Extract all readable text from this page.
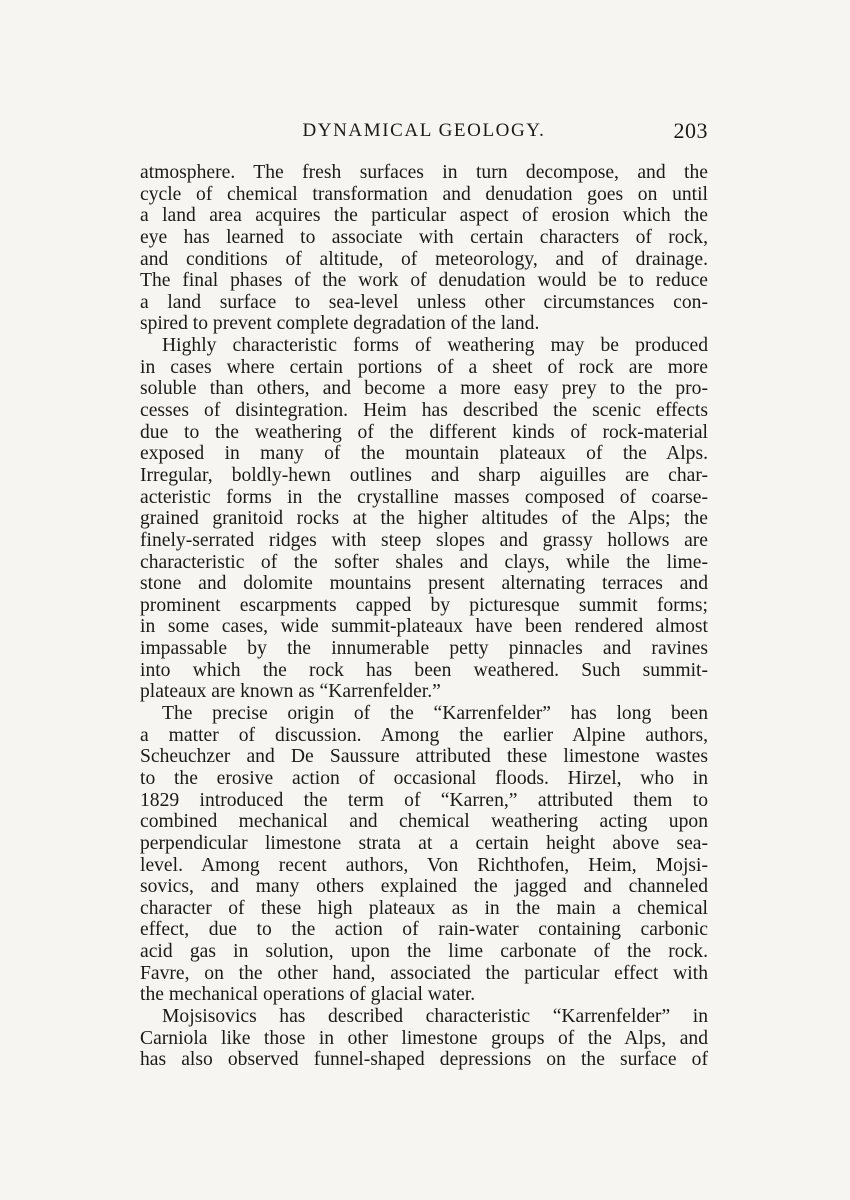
DYNAMICAL GEOLOGY.	203
atmosphere. The fresh surfaces in turn decompose, and the
cycle of chemical transformation and denudation goes on until
a land area acquires the particular aspect of erosion which the
eye has learned to associate with certain characters of rock,
and conditions of altitude, of meteorology, and of drainage.
The final phases of the work of denudation would be to reduce
a land surface to sea-level unless other circumstances con-
spired to prevent complete degradation of the land.
Highly characteristic forms of weathering may be produced
in cases where certain portions of a sheet of rock are more
soluble than others, and become a more easy prey to the pro-
cesses of disintegration. Heim has described the scenic effects
due to the weathering of the different kinds of rock-material
exposed in many of the mountain plateaux of the Alps.
Irregular, boldly-hewn outlines and sharp aiguilles are char-
acteristic forms in the crystalline masses composed of coarse-
grained granitoid rocks at the higher altitudes of the Alps; the
finely-serrated ridges with steep slopes and grassy hollows are
characteristic of the softer shales and clays, while the lime-
stone and dolomite mountains present alternating terraces and
prominent escarpments capped by picturesque summit forms;
in some cases, wide summit-plateaux have been rendered almost
impassable by the innumerable petty pinnacles and ravines
into which the rock has been weathered. Such summit-
plateaux are known as “Karrenfelder.”
The precise origin of the “Karrenfelder” has long been
a matter of discussion. Among the earlier Alpine authors,
Scheuchzer and De Saussure attributed these limestone wastes
to the erosive action of occasional floods. Hirzel, who in
1829 introduced the term of “Karren,” attributed them to
combined mechanical and chemical weathering acting upon
perpendicular limestone strata at a certain height above sea-
level. Among recent authors, Von Richthofen, Heim, Mojsi-
sovics, and many others explained the jagged and channeled
character of these high plateaux as in the main a chemical
effect, due to the action of rain-water containing carbonic
acid gas in solution, upon the lime carbonate of the rock.
Favre, on the other hand, associated the particular effect with
the mechanical operations of glacial water.
Mojsisovics has described characteristic “Karrenfelder” in
Carniola like those in other limestone groups of the Alps, and
has also observed funnel-shaped depressions on the surface of
